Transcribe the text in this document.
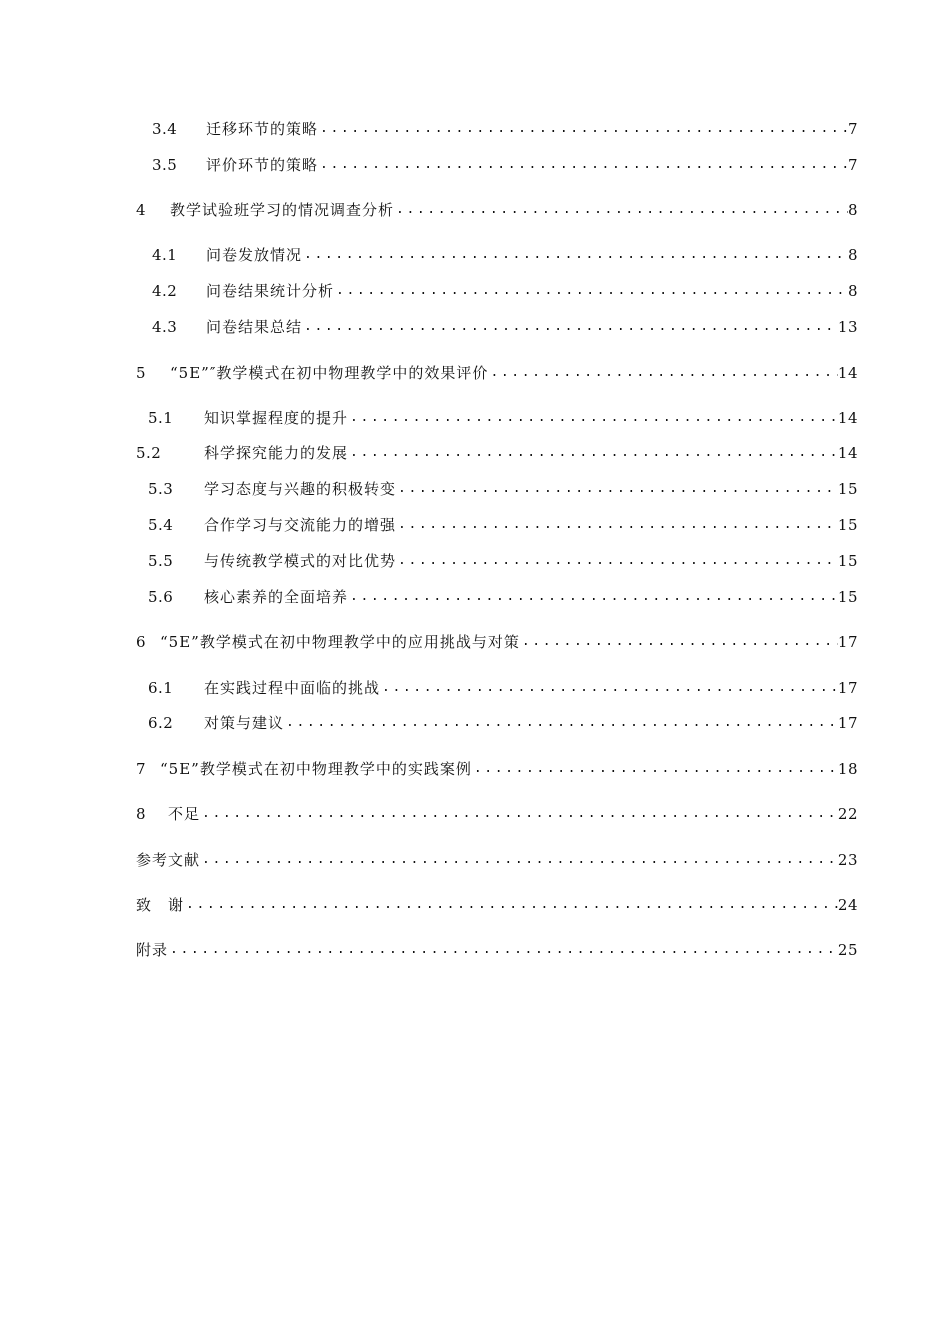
3.4	迁移环节的策略 .....	7
3.5	评价环节的策略 .....	7
4	教学试验班学习的情况调查分析 .....	8
4.1	问卷发放情况 .....	8
4.2	问卷结果统计分析 .....	8
4.3	问卷结果总结 .....	13
5	“5E”″教学模式在初中物理教学中的效果评价 .....	14
5.1	知识掌握程度的提升 .....	14
5.2	科学探究能力的发展 .....	14
5.3	学习态度与兴趣的积极转变 .....	15
5.4	合作学习与交流能力的增强 .....	15
5.5	与传统教学模式的对比优势 .....	15
5.6	核心素养的全面培养 .....	15
6 “5E”教学模式在初中物理教学中的应用挑战与对策 .....	17
6.1	在实践过程中面临的挑战 .....	17
6.2	对策与建议 .....	17
7 “5E”教学模式在初中物理教学中的实践案例 .....	18
8	不足 .....	22
参考文献 .....	23
致　谢 .....	24
附录 .....	25
